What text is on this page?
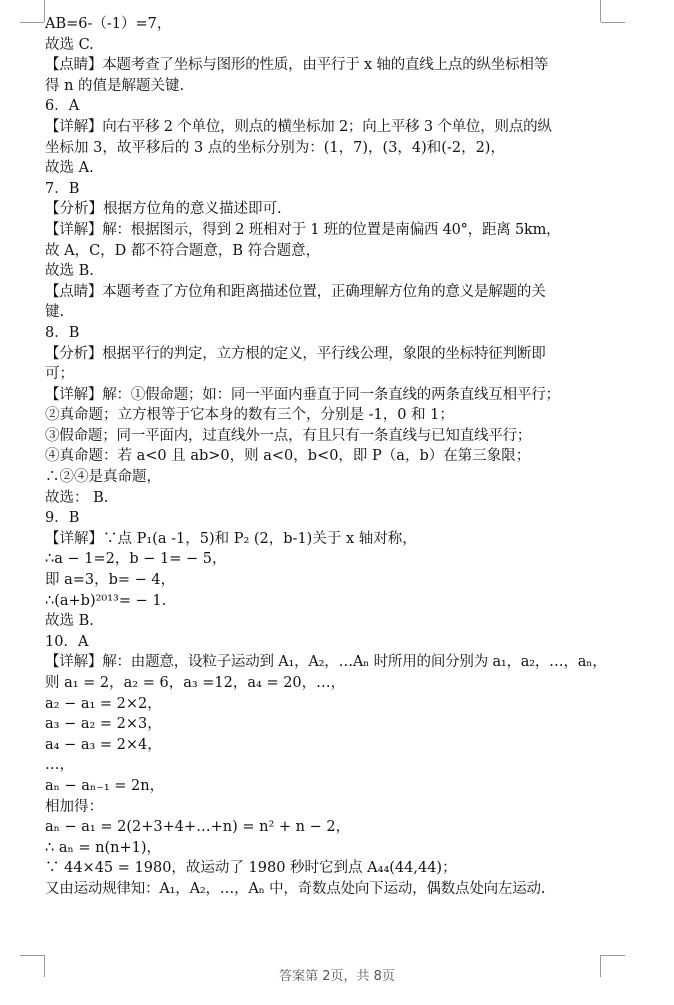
AB=6-（-1）=7，
故选 C.
【点睛】本题考查了坐标与图形的性质，由平行于 x 轴的直线上点的纵坐标相等
得 n 的值是解题关键.
6．A
【详解】向右平移 2 个单位，则点的横坐标加 2；向上平移 3 个单位，则点的纵
坐标加 3，故平移后的 3 点的坐标分别为：(1，7)，(3，4)和(-2，2)，
故选 A.
7．B
【分析】根据方位角的意义描述即可.
【详解】解：根据图示，得到 2 班相对于 1 班的位置是南偏西 40°，距离 5km，
故 A，C，D 都不符合题意，B 符合题意，
故选 B.
【点睛】本题考查了方位角和距离描述位置，正确理解方位角的意义是解题的关
键.
8．B
【分析】根据平行的判定，立方根的定义，平行线公理，象限的坐标特征判断即
可；
【详解】解：①假命题；如：同一平面内垂直于同一条直线的两条直线互相平行；
②真命题；立方根等于它本身的数有三个，分别是 -1，0 和 1；
③假命题；同一平面内，过直线外一点，有且只有一条直线与已知直线平行；
④真命题：若 a<0 且 ab>0，则 a<0，b<0，即 P（a，b）在第三象限；
∴②④是真命题，
故选： B.
9．B
【详解】∵点 P₁(a -1，5)和 P₂ (2，b-1)关于 x 轴对称，
∴a − 1=2，b − 1= − 5，
即 a=3，b= − 4，
∴(a+b)²⁰¹³= − 1.
故选 B.
10．A
【详解】解：由题意，设粒子运动到 A₁，A₂，…Aₙ 时所用的间分别为 a₁，a₂，…，aₙ，
则 a₁ = 2，a₂ = 6，a₃ =12，a₄ = 20，…，
a₂ − a₁ = 2×2，
a₃ − a₂ = 2×3，
a₄ − a₃ = 2×4，
…，
aₙ − aₙ₋₁ = 2n，
相加得：
aₙ − a₁ = 2(2+3+4+…+n) = n² + n − 2，
∴ aₙ = n(n+1)，
∵ 44×45 = 1980，故运动了 1980 秒时它到点 A₄₄(44,44)；
又由运动规律知：A₁，A₂，…，Aₙ 中，奇数点处向下运动，偶数点处向左运动.
答案第 2页，共 8页
